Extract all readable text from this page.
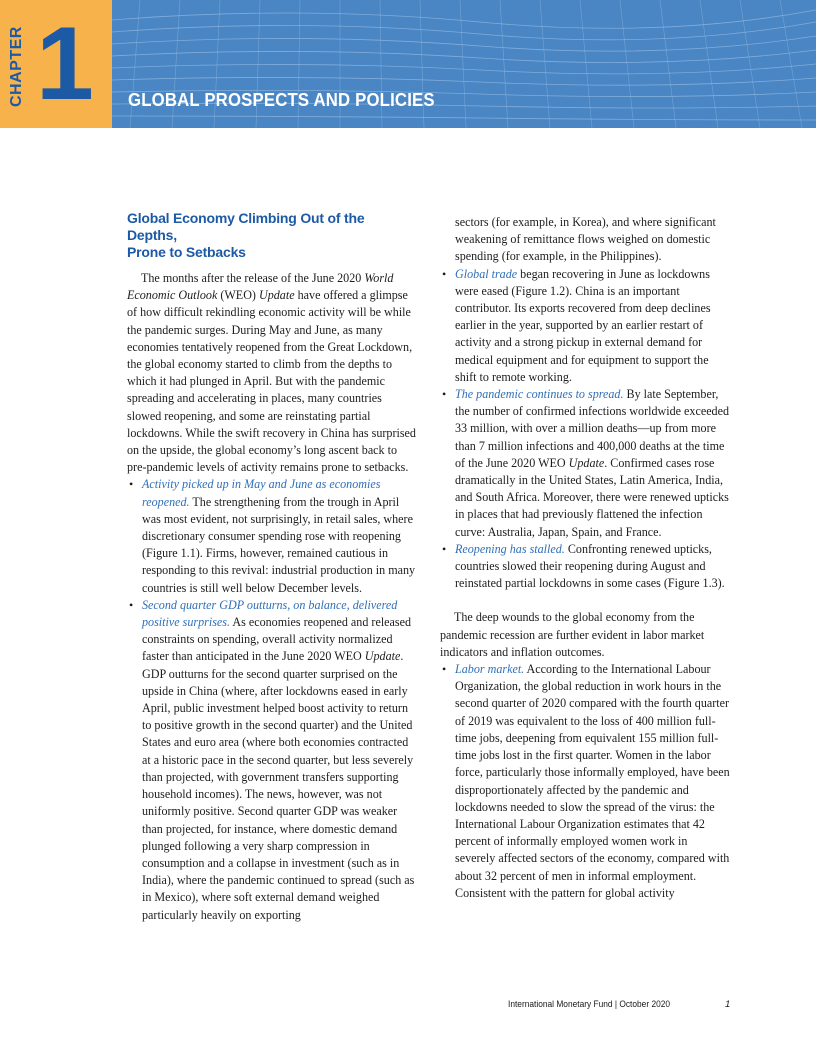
CHAPTER 1 GLOBAL PROSPECTS AND POLICIES
Global Economy Climbing Out of the Depths,
Prone to Setbacks

The months after the release of the June 2020 World Economic Outlook (WEO) Update have offered a glimpse of how difficult rekindling economic activity will be while the pandemic surges. During May and June, as many economies tentatively reopened from the Great Lockdown, the global economy started to climb from the depths to which it had plunged in April. But with the pandemic spreading and accelerating in places, many countries slowed reopening, and some are reinstating partial lockdowns. While the swift recovery in China has surprised on the upside, the global economy’s long ascent back to pre-pandemic levels of activity remains prone to setbacks.

• Activity picked up in May and June as economies reopened. The strengthening from the trough in April was most evident, not surprisingly, in retail sales, where discretionary consumer spending rose with reopening (Figure 1.1). Firms, however, remained cautious in responding to this revival: industrial production in many countries is still well below December levels.
• Second quarter GDP outturns, on balance, delivered positive surprises. As economies reopened and released constraints on spending, overall activity normalized faster than anticipated in the June 2020 WEO Update. GDP outturns for the second quarter surprised on the upside in China (where, after lockdowns eased in early April, public investment helped boost activity to return to positive growth in the second quarter) and the United States and euro area (where both economies contracted at a historic pace in the second quarter, but less severely than projected, with government transfers supporting household incomes). The news, however, was not uniformly positive. Second quarter GDP was weaker than projected, for instance, where domestic demand plunged following a very sharp compression in consumption and a collapse in investment (such as in India), where the pandemic continued to spread (such as in Mexico), where soft external demand weighed particularly heavily on exporting
sectors (for example, in Korea), and where significant weakening of remittance flows weighed on domestic spending (for example, in the Philippines).
• Global trade began recovering in June as lockdowns were eased (Figure 1.2). China is an important contributor. Its exports recovered from deep declines earlier in the year, supported by an earlier restart of activity and a strong pickup in external demand for medical equipment and for equipment to support the shift to remote working.
• The pandemic continues to spread. By late September, the number of confirmed infections worldwide exceeded 33 million, with over a million deaths—up from more than 7 million infections and 400,000 deaths at the time of the June 2020 WEO Update. Confirmed cases rose dramatically in the United States, Latin America, India, and South Africa. Moreover, there were renewed upticks in places that had previously flattened the infection curve: Australia, Japan, Spain, and France.
• Reopening has stalled. Confronting renewed upticks, countries slowed their reopening during August and reinstated partial lockdowns in some cases (Figure 1.3).

The deep wounds to the global economy from the pandemic recession are further evident in labor market indicators and inflation outcomes.

• Labor market. According to the International Labour Organization, the global reduction in work hours in the second quarter of 2020 compared with the fourth quarter of 2019 was equivalent to the loss of 400 million full-time jobs, deepening from equivalent 155 million full-time jobs lost in the first quarter. Women in the labor force, particularly those informally employed, have been disproportionately affected by the pandemic and lockdowns needed to slow the spread of the virus: the International Labour Organization estimates that 42 percent of informally employed women work in severely affected sectors of the economy, compared with about 32 percent of men in informal employment. Consistent with the pattern for global activity
International Monetary Fund | October 2020	1
